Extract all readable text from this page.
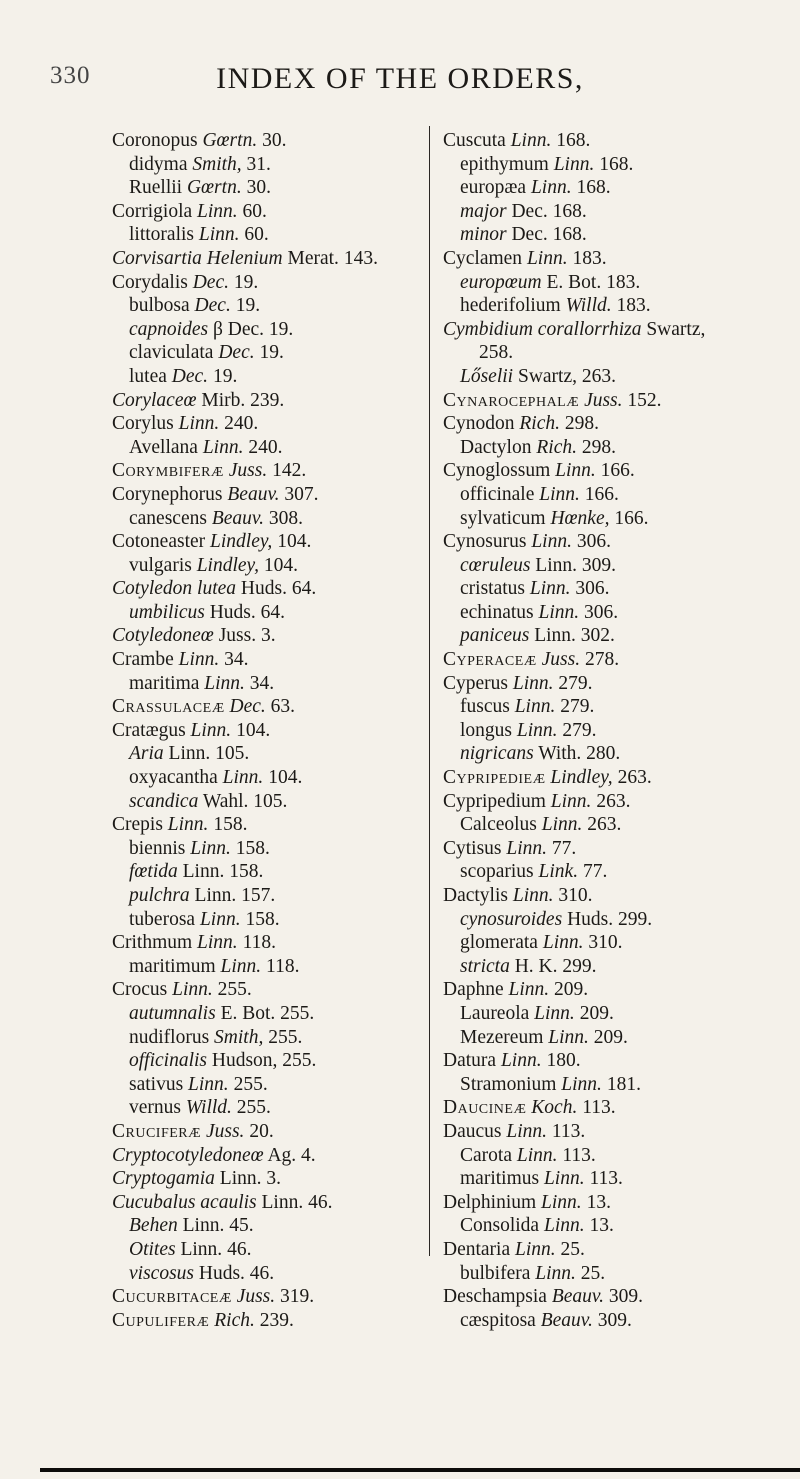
330	INDEX OF THE ORDERS,
Coronopus Gœrtn. 30.
didyma Smith, 31.
Ruellii Gœrtn. 30.
Corrigiola Linn. 60.
littoralis Linn. 60.
Corvisartia Helenium Merat. 143.
Corydalis Dec. 19.
bulbosa Dec. 19.
capnoides β Dec. 19.
claviculata Dec. 19.
lutea Dec. 19.
Corylaceœ Mirb. 239.
Corylus Linn. 240.
Avellana Linn. 240.
Corymbiferæ Juss. 142.
Corynephorus Beauv. 307.
canescens Beauv. 308.
Cotoneaster Lindley, 104.
vulgaris Lindley, 104.
Cotyledon lutea Huds. 64.
umbilicus Huds. 64.
Cotyledoneœ Juss. 3.
Crambe Linn. 34.
maritima Linn. 34.
Crassulaceæ Dec. 63.
Cratægus Linn. 104.
Aria Linn. 105.
oxyacantha Linn. 104.
scandica Wahl. 105.
Crepis Linn. 158.
biennis Linn. 158.
fœtida Linn. 158.
pulchra Linn. 157.
tuberosa Linn. 158.
Crithmum Linn. 118.
maritimum Linn. 118.
Crocus Linn. 255.
autumnalis E. Bot. 255.
nudiflorus Smith, 255.
officinalis Hudson, 255.
sativus Linn. 255.
vernus Willd. 255.
Cruciferæ Juss. 20.
Cryptocotyledoneœ Ag. 4.
Cryptogamia Linn. 3.
Cucubalus acaulis Linn. 46.
Behen Linn. 45.
Otites Linn. 46.
viscosus Huds. 46.
Cucurbitaceæ Juss. 319.
Cupuliferæ Rich. 239.
Cuscuta Linn. 168.
epithymum Linn. 168.
europæa Linn. 168.
major Dec. 168.
minor Dec. 168.
Cyclamen Linn. 183.
europœum E. Bot. 183.
hederifolium Willd. 183.
Cymbidium corallorrhiza Swartz,
258.
Lőselii Swartz, 263.
Cynarocephalæ Juss. 152.
Cynodon Rich. 298.
Dactylon Rich. 298.
Cynoglossum Linn. 166.
officinale Linn. 166.
sylvaticum Hœnke, 166.
Cynosurus Linn. 306.
cœruleus Linn. 309.
cristatus Linn. 306.
echinatus Linn. 306.
paniceus Linn. 302.
Cyperaceæ Juss. 278.
Cyperus Linn. 279.
fuscus Linn. 279.
longus Linn. 279.
nigricans With. 280.
Cypripedieæ Lindley, 263.
Cypripedium Linn. 263.
Calceolus Linn. 263.
Cytisus Linn. 77.
scoparius Link. 77.
Dactylis Linn. 310.
cynosuroides Huds. 299.
glomerata Linn. 310.
stricta H. K. 299.
Daphne Linn. 209.
Laureola Linn. 209.
Mezereum Linn. 209.
Datura Linn. 180.
Stramonium Linn. 181.
Daucineæ Koch. 113.
Daucus Linn. 113.
Carota Linn. 113.
maritimus Linn. 113.
Delphinium Linn. 13.
Consolida Linn. 13.
Dentaria Linn. 25.
bulbifera Linn. 25.
Deschampsia Beauv. 309.
cæspitosa Beauv. 309.
